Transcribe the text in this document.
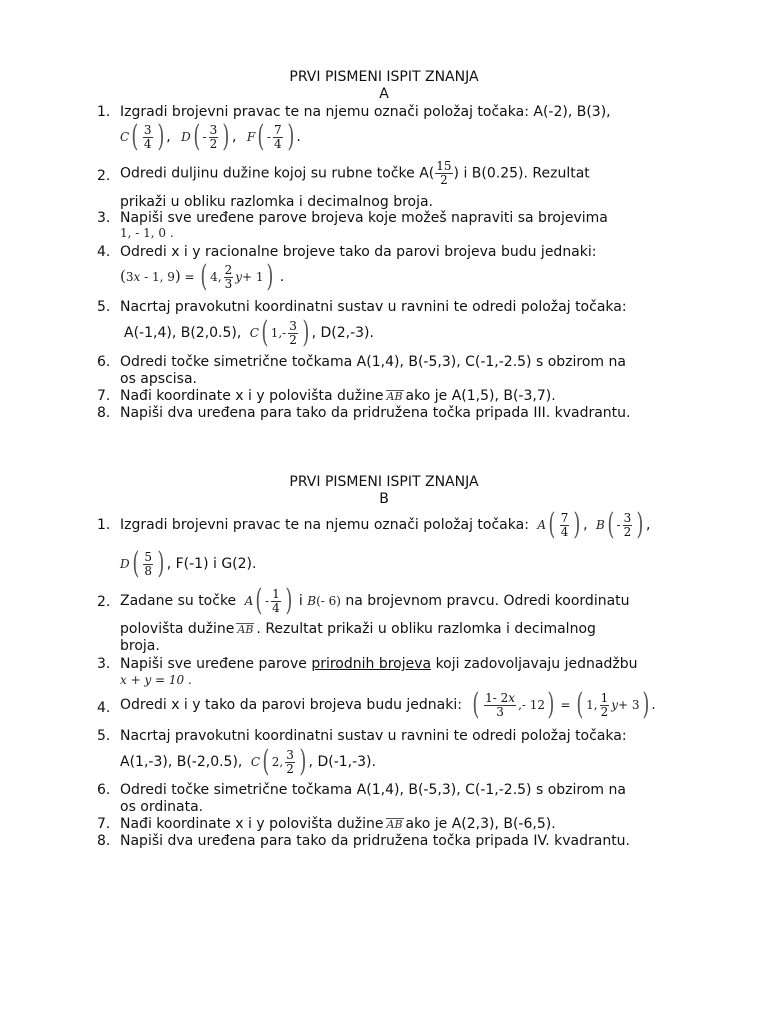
PRVI PISMENI ISPIT ZNANJA
A
1. Izgradi brojevni pravac te na njemu označi položaj točaka: A(-2), B(3),
C ( $\frac{3}{4}$ ) , D ( - $\frac{3}{2}$ ) , F ( - $\frac{7}{4}$ ) .
2. Odredi duljinu dužine kojoj su rubne točke $A( \frac{15}{2}$ ) i B(0.25). Rezultat
prikaži u obliku razlomka i decimalnog broja.
3. Napiši sve uređene parove brojeva koje možeš napraviti sa brojevima
1, - 1, 0 .
4. Odredi x i y racionalne brojeve tako da parovi brojeva budu jednaki:
(3x - 1, 9) = ( 4, $\frac{2}{3}$ y + 1 ) .
5. Nacrtaj pravokutni koordinatni sustav u ravnini te odredi položaj točaka:
A(-1,4), B(2,0.5), C ( $1,- \frac{3}{2}$ ) , D(2,-3).
6. Odredi točke simetrične točkama A(1,4), B(-5,3), C(-1,-2.5) s obzirom na
os apscisa.
7. Nađi koordinate x i y polovišta dužine AB ako je A(1,5), B(-3,7).
8. Napiši dva uređena para tako da pridružena točka pripada III. kvadrantu.
PRVI PISMENI ISPIT ZNANJA
B
1. Izgradi brojevni pravac te na njemu označi položaj točaka: A ( $\frac{7}{4}$ ) , B ( - $\frac{3}{2}$ ) ,
D ( $\frac{5}{8}$ ) , F(-1) i G(2).
2. Zadane su točke A ( - $\frac{1}{4}$ ) i B(- 6) na brojevnom pravcu. Odredi koordinatu
polovišta dužine AB . Rezultat prikaži u obliku razlomka i decimalnog
broja.
3. Napiši sve uređene parove prirodnih brojeva koji zadovoljavaju jednadžbu
x + y = 10 .
4. Odredi x i y tako da parovi brojeva budu jednaki: ( $\frac{1- 2x}{3}$ ,- 12 ) = ( 1, $\frac{1}{2}$ y + 3 ) .
5. Nacrtaj pravokutni koordinatni sustav u ravnini te odredi položaj točaka:
A(1,-3), B(-2,0.5), C ( 2, $\frac{3}{2}$ ) , D(-1,-3).
6. Odredi točke simetrične točkama A(1,4), B(-5,3), C(-1,-2.5) s obzirom na
os ordinata.
7. Nađi koordinate x i y polovišta dužine AB ako je A(2,3), B(-6,5).
8. Napiši dva uređena para tako da pridružena točka pripada IV. kvadrantu.
